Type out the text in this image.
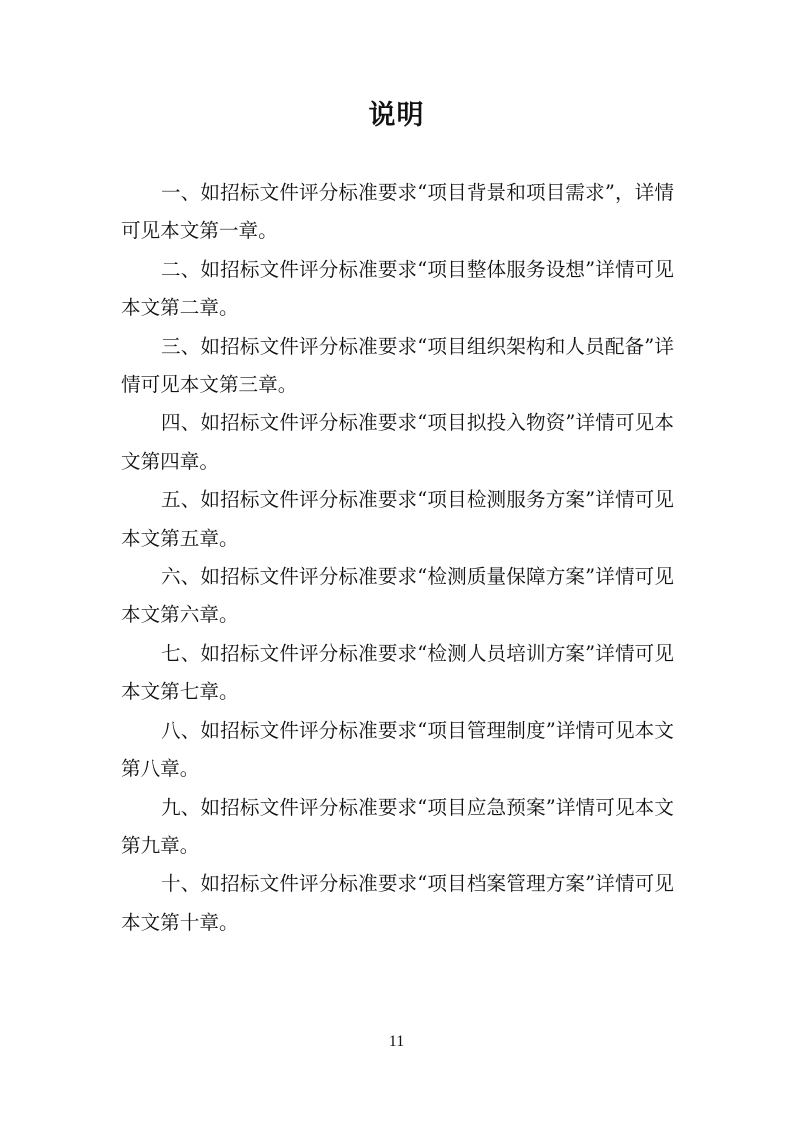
说明

一、如招标文件评分标准要求“项目背景和项目需求”，详情可见本文第一章。

二、如招标文件评分标准要求“项目整体服务设想”详情可见本文第二章。

三、如招标文件评分标准要求“项目组织架构和人员配备”详情可见本文第三章。

四、如招标文件评分标准要求“项目拟投入物资”详情可见本文第四章。

五、如招标文件评分标准要求“项目检测服务方案”详情可见本文第五章。

六、如招标文件评分标准要求“检测质量保障方案”详情可见本文第六章。

七、如招标文件评分标准要求“检测人员培训方案”详情可见本文第七章。

八、如招标文件评分标准要求“项目管理制度”详情可见本文第八章。

九、如招标文件评分标准要求“项目应急预案”详情可见本文第九章。

十、如招标文件评分标准要求“项目档案管理方案”详情可见本文第十章。

11
